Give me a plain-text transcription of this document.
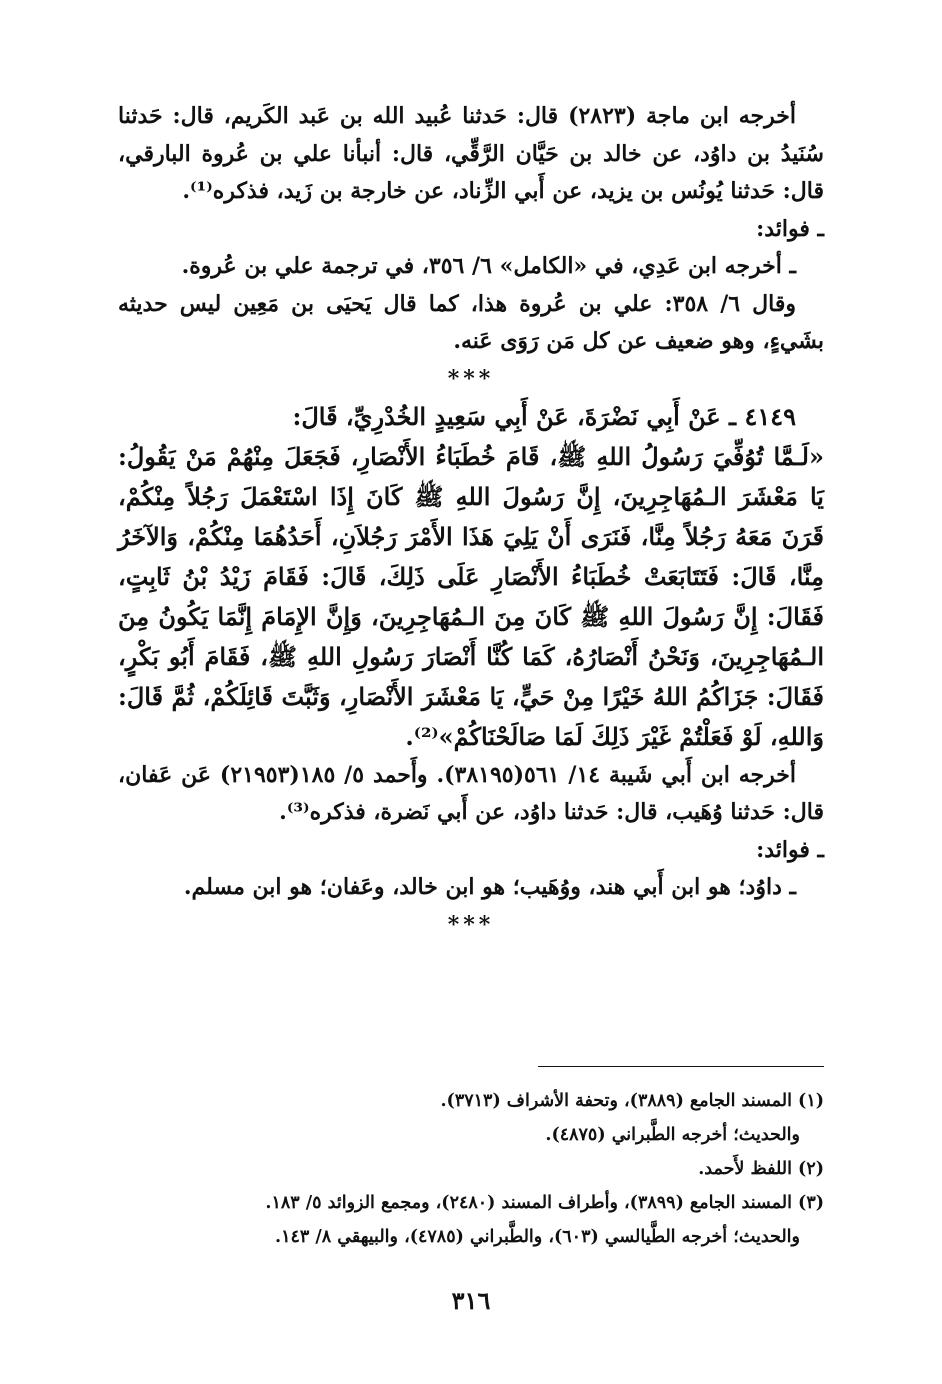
أخرجه ابن ماجة (٢٨٢٣) قال: حَدثنا عُبيد الله بن عَبد الكَريم، قال: حَدثنا سُنَيدُ بن داوُد، عن خالد بن حَيَّان الرَّقِّي، قال: أنبأنا علي بن عُروة البارقي، قال: حَدثنا يُونُس بن يزيد، عن أَبي الزِّناد، عن خارجة بن زَيد، فذكره⁽¹⁾.

ـ فوائد:

ـ أخرجه ابن عَدِي، في «الكامل» ٦/ ٣٥٦، في ترجمة علي بن عُروة.

وقال ٦/ ٣٥٨: علي بن عُروة هذا، كما قال يَحيَى بن مَعِين ليس حديثه بشَيءٍ، وهو ضعيف عن كل مَن رَوَى عَنه.

***

٤١٤٩ ـ عَنْ أَبِي نَضْرَةَ، عَنْ أَبِي سَعِيدٍ الخُدْرِيِّ، قَالَ:

«لَـمَّا تُوُفِّيَ رَسُولُ اللهِ ﷺ، قَامَ خُطَبَاءُ الأَنْصَارِ، فَجَعَلَ مِنْهُمْ مَنْ يَقُولُ: يَا مَعْشَرَ الـمُهَاجِرِينَ، إِنَّ رَسُولَ اللهِ ﷺ كَانَ إِذَا اسْتَعْمَلَ رَجُلاً مِنْكُمْ، قَرَنَ مَعَهُ رَجُلاً مِنَّا، فَنَرَى أَنْ يَلِيَ هَذَا الأَمْرَ رَجُلاَنِ، أَحَدُهُمَا مِنْكُمْ، وَالآخَرُ مِنَّا، قَالَ: فَتَتَابَعَتْ خُطَبَاءُ الأَنْصَارِ عَلَى ذَلِكَ، قَالَ: فَقَامَ زَيْدُ بْنُ ثَابِتٍ، فَقَالَ: إِنَّ رَسُولَ اللهِ ﷺ كَانَ مِنَ الـمُهَاجِرِينَ، وَإِنَّ الإِمَامَ إِنَّمَا يَكُونُ مِنَ الـمُهَاجِرِينَ، وَنَحْنُ أَنْصَارُهُ، كَمَا كُنَّا أَنْصَارَ رَسُولِ اللهِ ﷺ، فَقَامَ أَبُو بَكْرٍ، فَقَالَ: جَزَاكُمُ اللهُ خَيْرًا مِنْ حَيٍّ، يَا مَعْشَرَ الأَنْصَارِ، وَثَبَّتَ قَائِلَكُمْ، ثُمَّ قَالَ: وَاللهِ، لَوْ فَعَلْتُمْ غَيْرَ ذَلِكَ لَمَا صَالَحْنَاكُمْ»⁽²⁾.

أخرجه ابن أَبي شَيبة ١٤/ ٥٦١(٣٨١٩٥). وأَحمد ٥/ ١٨٥(٢١٩٥٣) عَن عَفان، قال: حَدثنا وُهَيب، قال: حَدثنا داوُد، عن أَبي نَضرة، فذكره⁽³⁾.

ـ فوائد:

ـ داوُد؛ هو ابن أَبي هند، ووُهَيب؛ هو ابن خالد، وعَفان؛ هو ابن مسلم.

***

(١) المسند الجامع (٣٨٨٩)، وتحفة الأشراف (٣٧١٣).

والحديث؛ أخرجه الطَّبراني (٤٨٧٥).

(٢) اللفظ لأَحمد.

(٣) المسند الجامع (٣٨٩٩)، وأطراف المسند (٢٤٨٠)، ومجمع الزوائد ٥/ ١٨٣.

والحديث؛ أخرجه الطَّيالسي (٦٠٣)، والطَّبراني (٤٧٨٥)، والبيهقي ٨/ ١٤٣.

٣١٦
